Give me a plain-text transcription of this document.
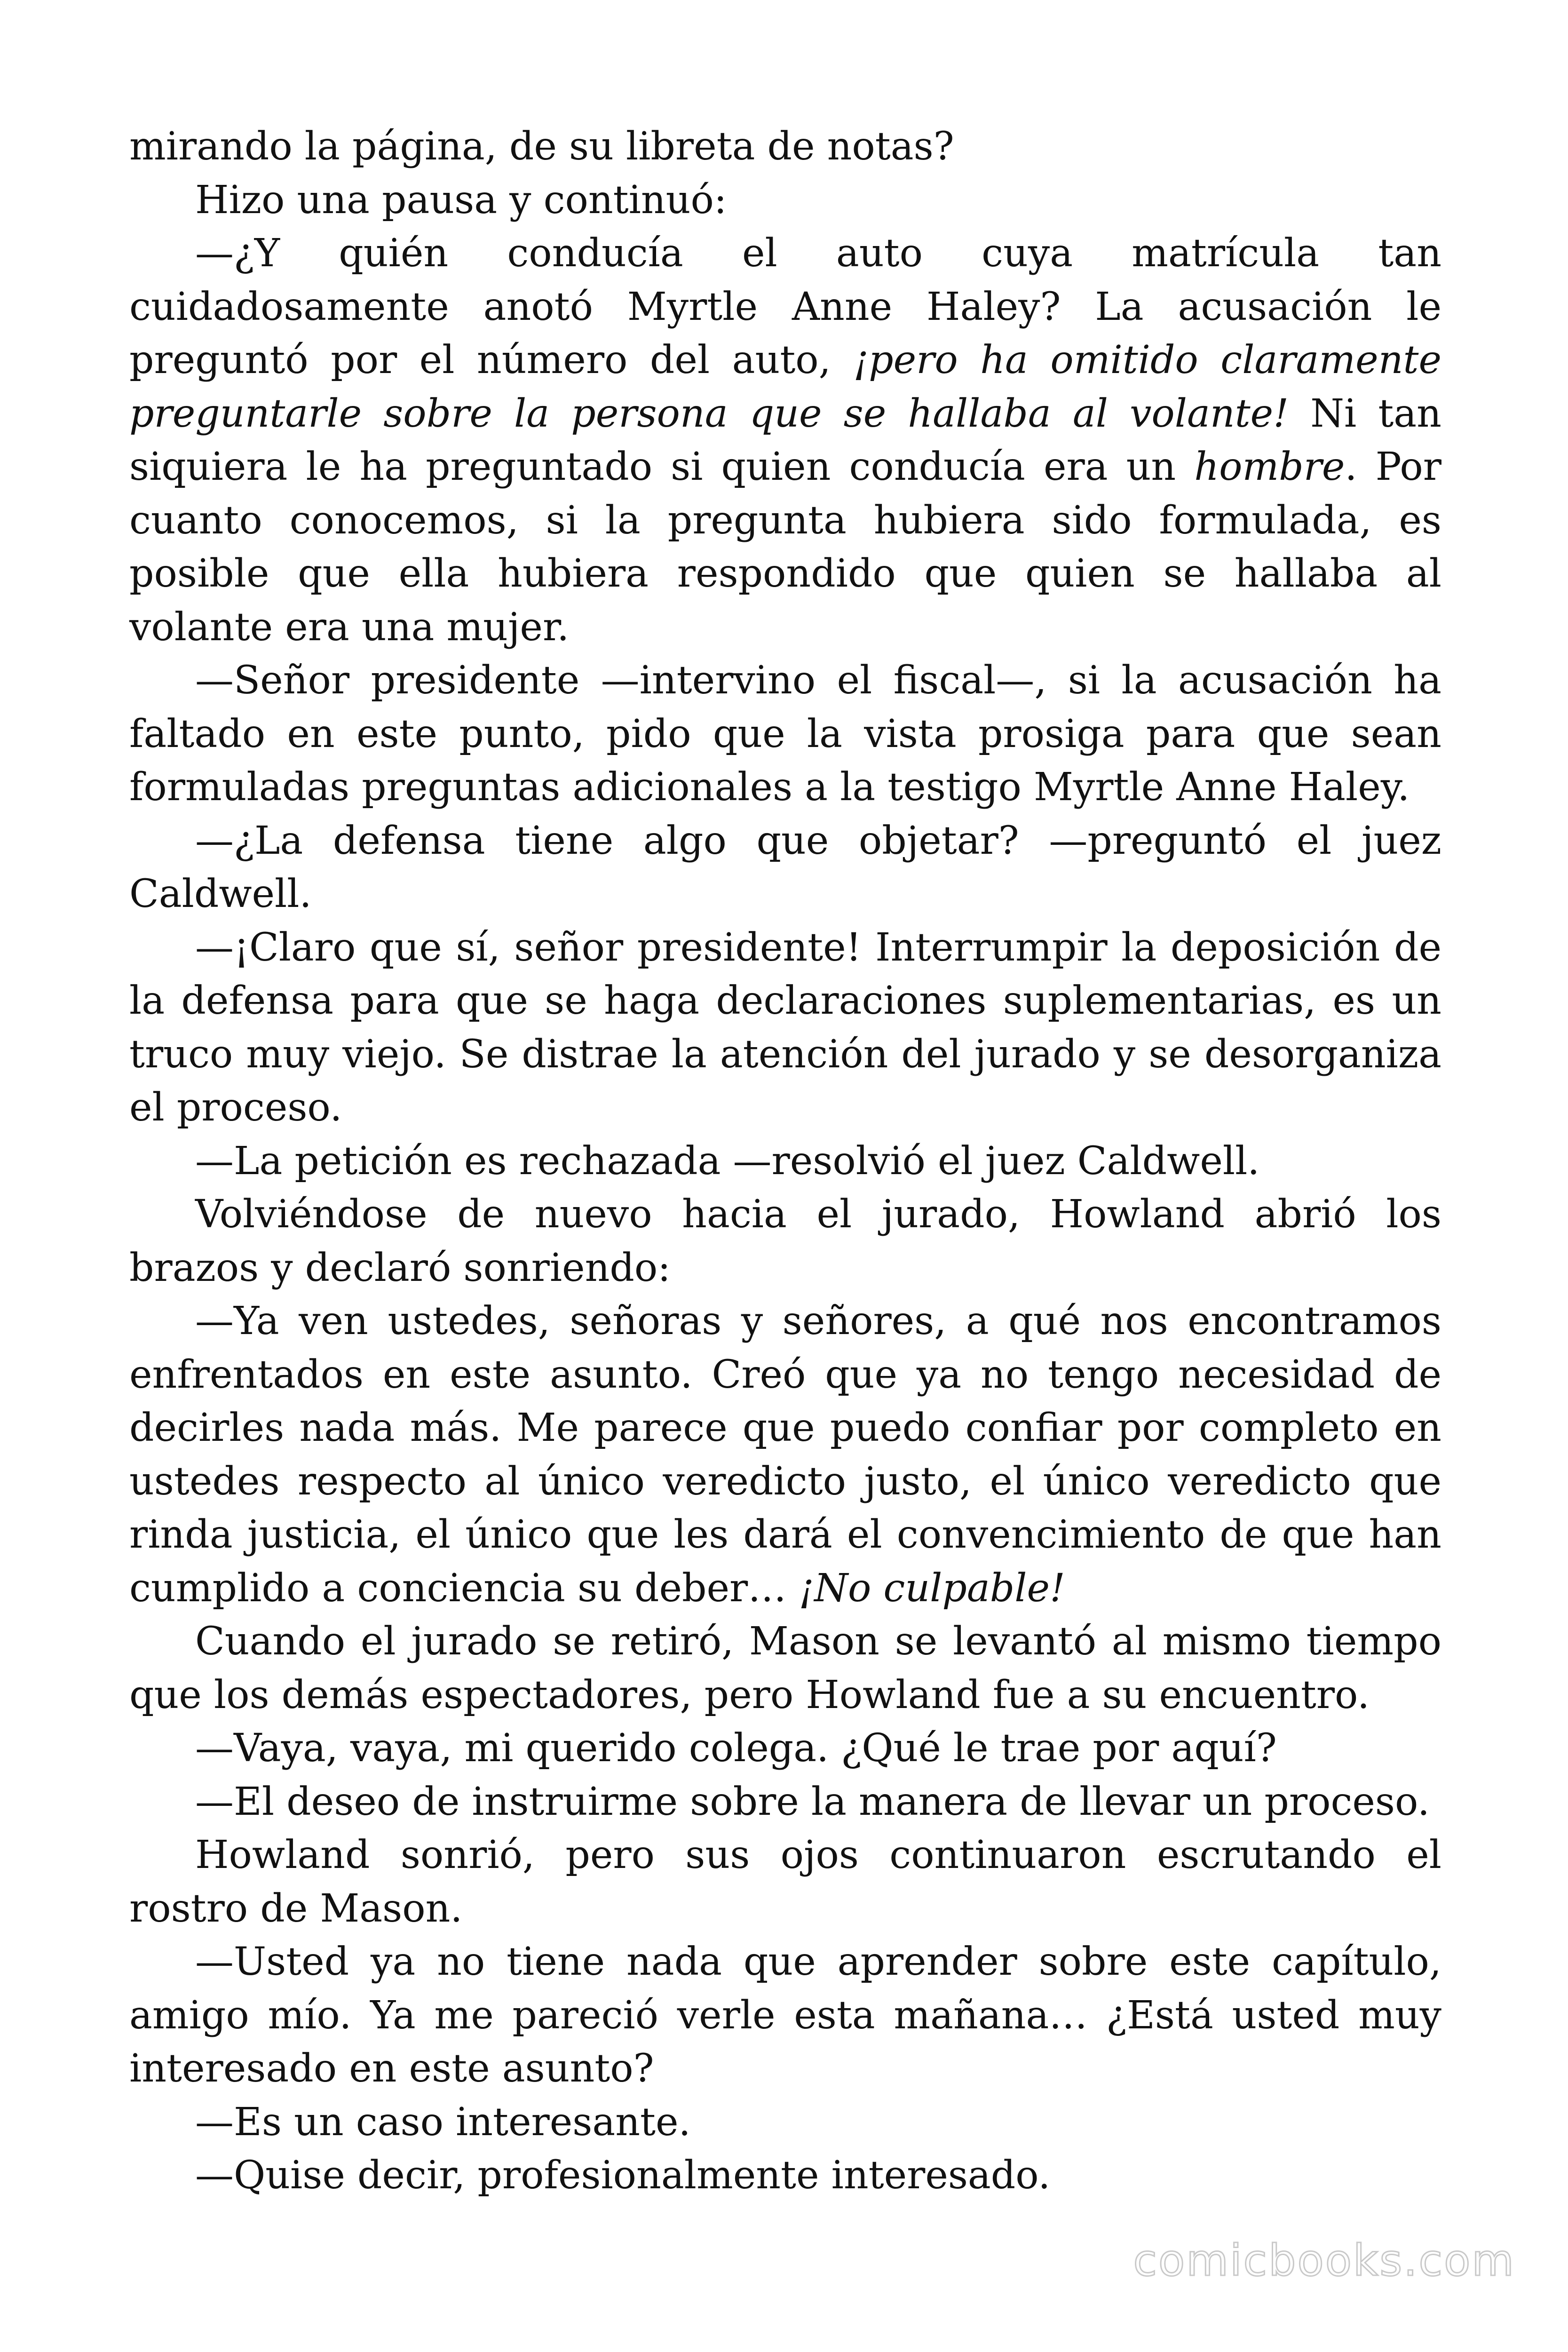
mirando la página, de su libreta de notas?

Hizo una pausa y continuó:

—¿Y quién conducía el auto cuya matrícula tan cuidadosamente anotó Myrtle Anne Haley? La acusación le preguntó por el número del auto, ¡pero ha omitido claramente preguntarle sobre la persona que se hallaba al volante! Ni tan siquiera le ha preguntado si quien conducía era un hombre. Por cuanto conocemos, si la pregunta hubiera sido formulada, es posible que ella hubiera respondido que quien se hallaba al volante era una mujer.

—Señor presidente —intervino el fiscal—, si la acusación ha faltado en este punto, pido que la vista prosiga para que sean formuladas preguntas adicionales a la testigo Myrtle Anne Haley.

—¿La defensa tiene algo que objetar? —preguntó el juez Caldwell.

—¡Claro que sí, señor presidente! Interrumpir la deposición de la defensa para que se haga declaraciones suplementarias, es un truco muy viejo. Se distrae la atención del jurado y se desorganiza el proceso.

—La petición es rechazada —resolvió el juez Caldwell.

Volviéndose de nuevo hacia el jurado, Howland abrió los brazos y declaró sonriendo:

—Ya ven ustedes, señoras y señores, a qué nos encontramos enfrentados en este asunto. Creó que ya no tengo necesidad de decirles nada más. Me parece que puedo confiar por completo en ustedes respecto al único veredicto justo, el único veredicto que rinda justicia, el único que les dará el convencimiento de que han cumplido a conciencia su deber… ¡No culpable!

Cuando el jurado se retiró, Mason se levantó al mismo tiempo que los demás espectadores, pero Howland fue a su encuentro.

—Vaya, vaya, mi querido colega. ¿Qué le trae por aquí?

—El deseo de instruirme sobre la manera de llevar un proceso.

Howland sonrió, pero sus ojos continuaron escrutando el rostro de Mason.

—Usted ya no tiene nada que aprender sobre este capítulo, amigo mío. Ya me pareció verle esta mañana… ¿Está usted muy interesado en este asunto?

—Es un caso interesante.

—Quise decir, profesionalmente interesado.

comicbooks.com
